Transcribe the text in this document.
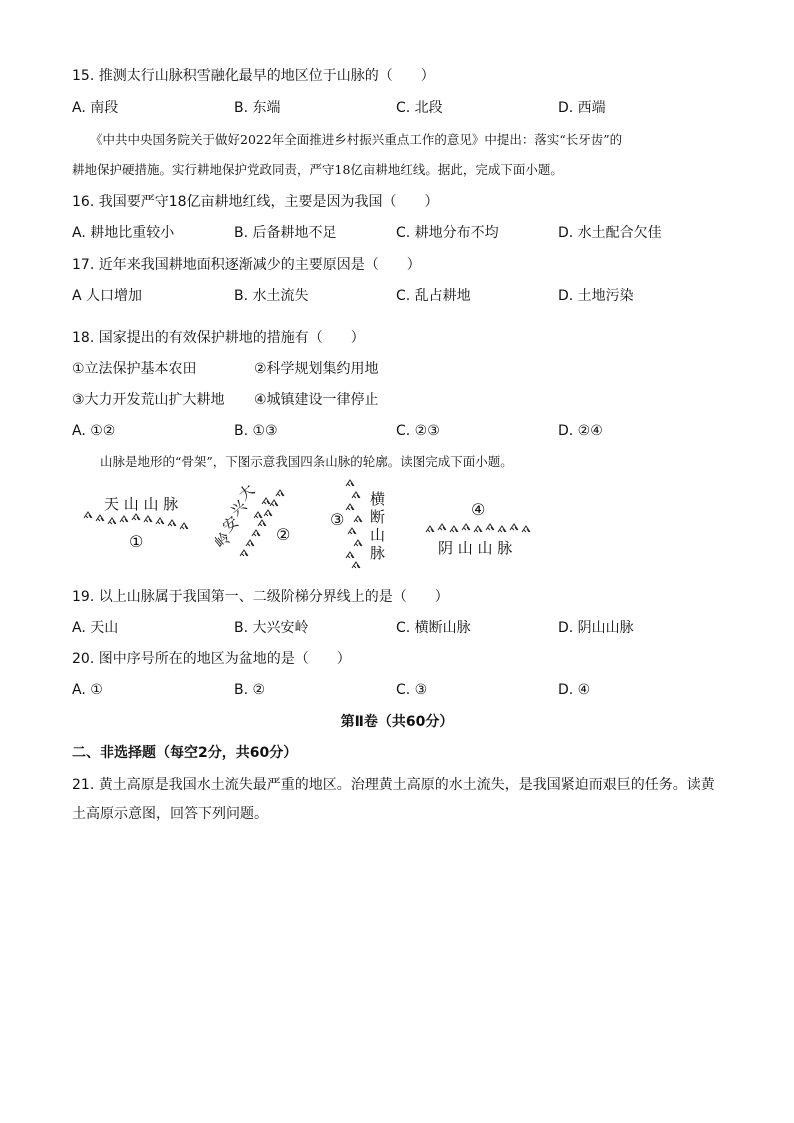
15. 推测太行山脉积雪融化最早的地区位于山脉的（　　）
A. 南段	B. 东端	C. 北段	D. 西端
《中共中央国务院关于做好2022年全面推进乡村振兴重点工作的意见》中提出：落实“长牙齿”的
耕地保护硬措施。实行耕地保护党政同责，严守18亿亩耕地红线。据此，完成下面小题。
16. 我国要严守18亿亩耕地红线，主要是因为我国（　　）
A. 耕地比重较小	B. 后备耕地不足	C. 耕地分布不均	D. 水土配合欠佳
17. 近年来我国耕地面积逐渐减少的主要原因是（　　）
A 人口增加	B. 水土流失	C. 乱占耕地	D. 土地污染
18. 国家提出的有效保护耕地的措施有（　　）
①立法保护基本农田	②科学规划集约用地
③大力开发荒山扩大耕地 ④城镇建设一律停止
A. ①②	B. ①③	C. ②③	D. ②④
山脉是地形的“骨架”，下图示意我国四条山脉的轮廓。读图完成下面小题。
天 山 山 脉
①
大
兴
安
岭	②
③
横
断
山
脉
④
阴 山 山 脉
19. 以上山脉属于我国第一、二级阶梯分界线上的是（　　）
A. 天山	B. 大兴安岭	C. 横断山脉	D. 阴山山脉
20. 图中序号所在的地区为盆地的是（　　）
A. ①	B. ②	C. ③	D. ④
第Ⅱ卷（共60分）
二、非选择题（每空2分，共60分）
21. 黄土高原是我国水土流失最严重的地区。治理黄土高原的水土流失，是我国紧迫而艰巨的任务。读黄
土高原示意图，回答下列问题。
